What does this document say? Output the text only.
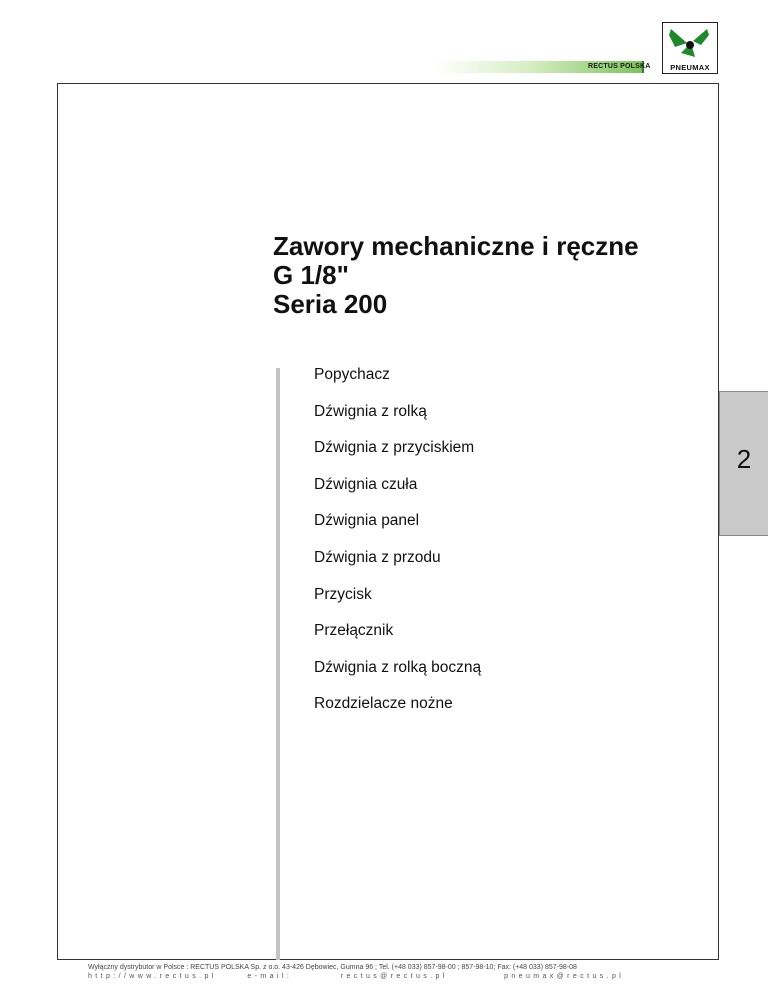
RECTUS POLSKA	PNEUMAX
Zawory mechaniczne i ręczne
G 1/8"
Seria 200
Popychacz
Dźwignia z rolką
Dźwignia z przyciskiem
Dźwignia czuła
Dźwignia panel
Dźwignia z przodu
Przycisk
Przełącznik
Dźwignia z rolką boczną
Rozdzielacze nożne
2
Wyłączny dystrybutor w Polsce : RECTUS POLSKA Sp. z o.o. 43-426 Dębowiec, Gumna 96 ; Tel. (+48 033) 857-98-00 ; 857-98-10; Fax: (+48 033) 857-98-08
http://www.rectus.pl	e-mail:	rectus@rectus.pl	pneumax@rectus.pl
